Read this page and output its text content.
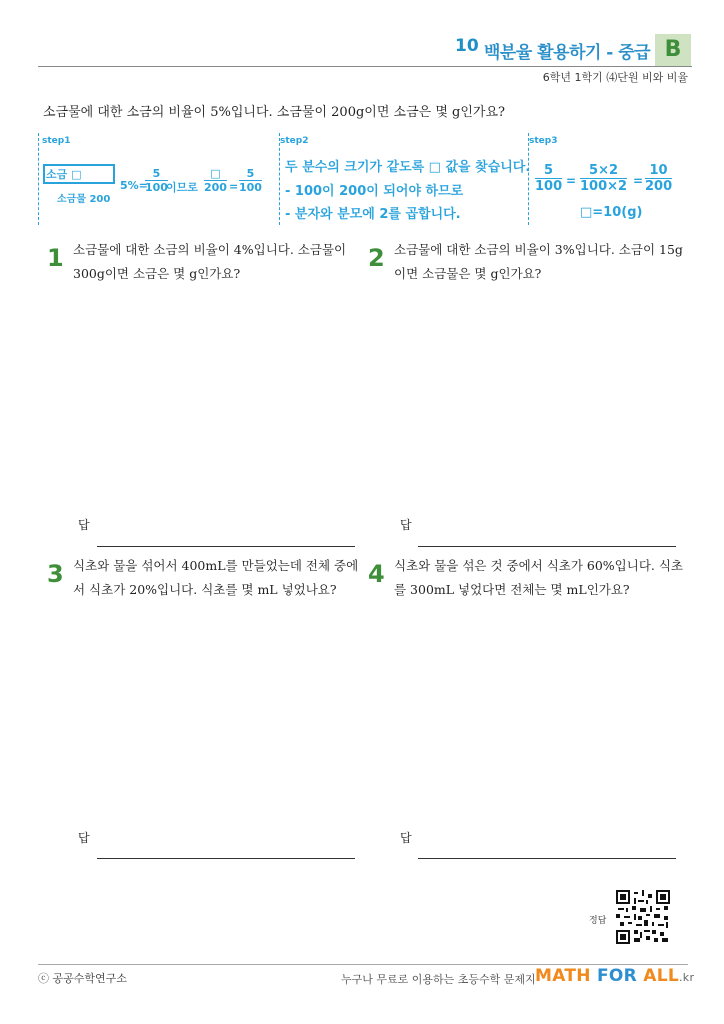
10 백분율 활용하기 - 중급 B
6학년 1학기 ⑷단원 비와 비율
소금물에 대한 소금의 비율이 5%입니다. 소금물이 200g이면 소금은 몇 g인가요?
step1
소금 □
소금물 200
5%=
$\frac{5}{100}$
이므로
□
$200 = \frac{5}{100}$
step2
두 분수의 크기가 같도록 □ 값을 찾습니다.
- 100이 200이 되어야 하므로
- 분자와 분모에 2를 곱합니다.
step3
$\frac{5}{100} = \frac{5\times 2}{100\times 2} = \frac{10}{200}$
□=10(g)
1 소금물에 대한 소금의 비율이 4%입니다. 소금물이 300g이면 소금은 몇 g인가요?
답
2 소금물에 대한 소금의 비율이 3%입니다. 소금이 15g이면 소금물은 몇 g인가요?
답
3 식초와 물을 섞어서 400mL를 만들었는데 전체 중에서 식초가 20%입니다. 식초를 몇 mL 넣었나요?
답
4 식초와 물을 섞은 것 중에서 식초가 60%입니다. 식초를 300mL 넣었다면 전체는 몇 mL인가요?
답
정답
ⓒ 공공수학연구소	누구나 무료로 이용하는 초등수학 문제지 MATH FOR ALL.kr
